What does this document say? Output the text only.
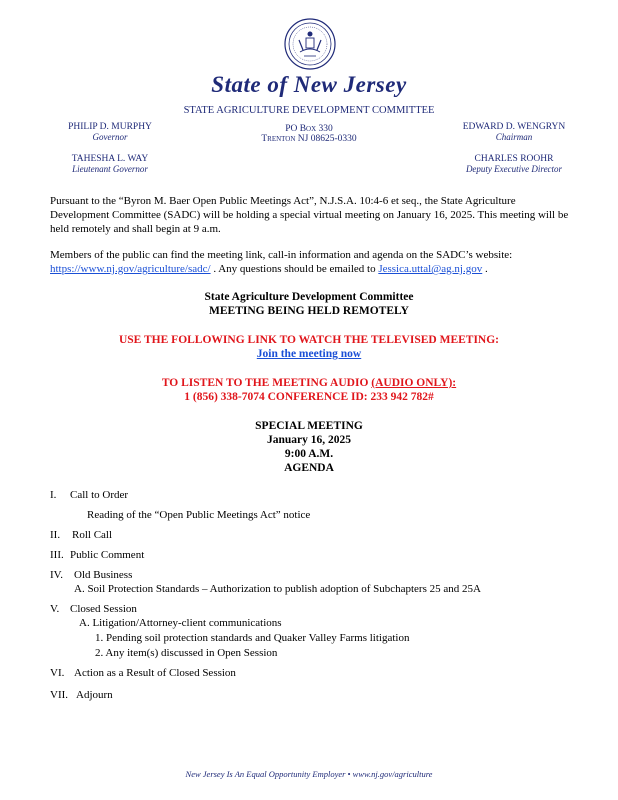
State of New Jersey
STATE AGRICULTURE DEVELOPMENT COMMITTEE
PHILIP D. MURPHY
Governor
TAHESHA L. WAY
Lieutenant Governor
PO Box 330
Trenton NJ 08625-0330
EDWARD D. WENGRYN
Chairman
CHARLES ROOHR
Deputy Executive Director
Pursuant to the “Byron M. Baer Open Public Meetings Act”, N.J.S.A. 10:4-6 et seq., the State Agriculture Development Committee (SADC) will be holding a special virtual meeting on January 16, 2025. This meeting will be held remotely and shall begin at 9 a.m.
Members of the public can find the meeting link, call-in information and agenda on the SADC’s website: https://www.nj.gov/agriculture/sadc/ . Any questions should be emailed to Jessica.uttal@ag.nj.gov .
State Agriculture Development Committee
MEETING BEING HELD REMOTELY
USE THE FOLLOWING LINK TO WATCH THE TELEVISED MEETING:
Join the meeting now
TO LISTEN TO THE MEETING AUDIO (AUDIO ONLY):
1 (856) 338-7074 CONFERENCE ID: 233 942 782#
SPECIAL MEETING
January 16, 2025
9:00 A.M.
AGENDA
I. Call to Order
Reading of the “Open Public Meetings Act” notice
II. Roll Call
III. Public Comment
IV. Old Business
A. Soil Protection Standards – Authorization to publish adoption of Subchapters 25 and 25A
V. Closed Session
A. Litigation/Attorney-client communications
1. Pending soil protection standards and Quaker Valley Farms litigation
2. Any item(s) discussed in Open Session
VI. Action as a Result of Closed Session
VII. Adjourn
New Jersey Is An Equal Opportunity Employer • www.nj.gov/agriculture
